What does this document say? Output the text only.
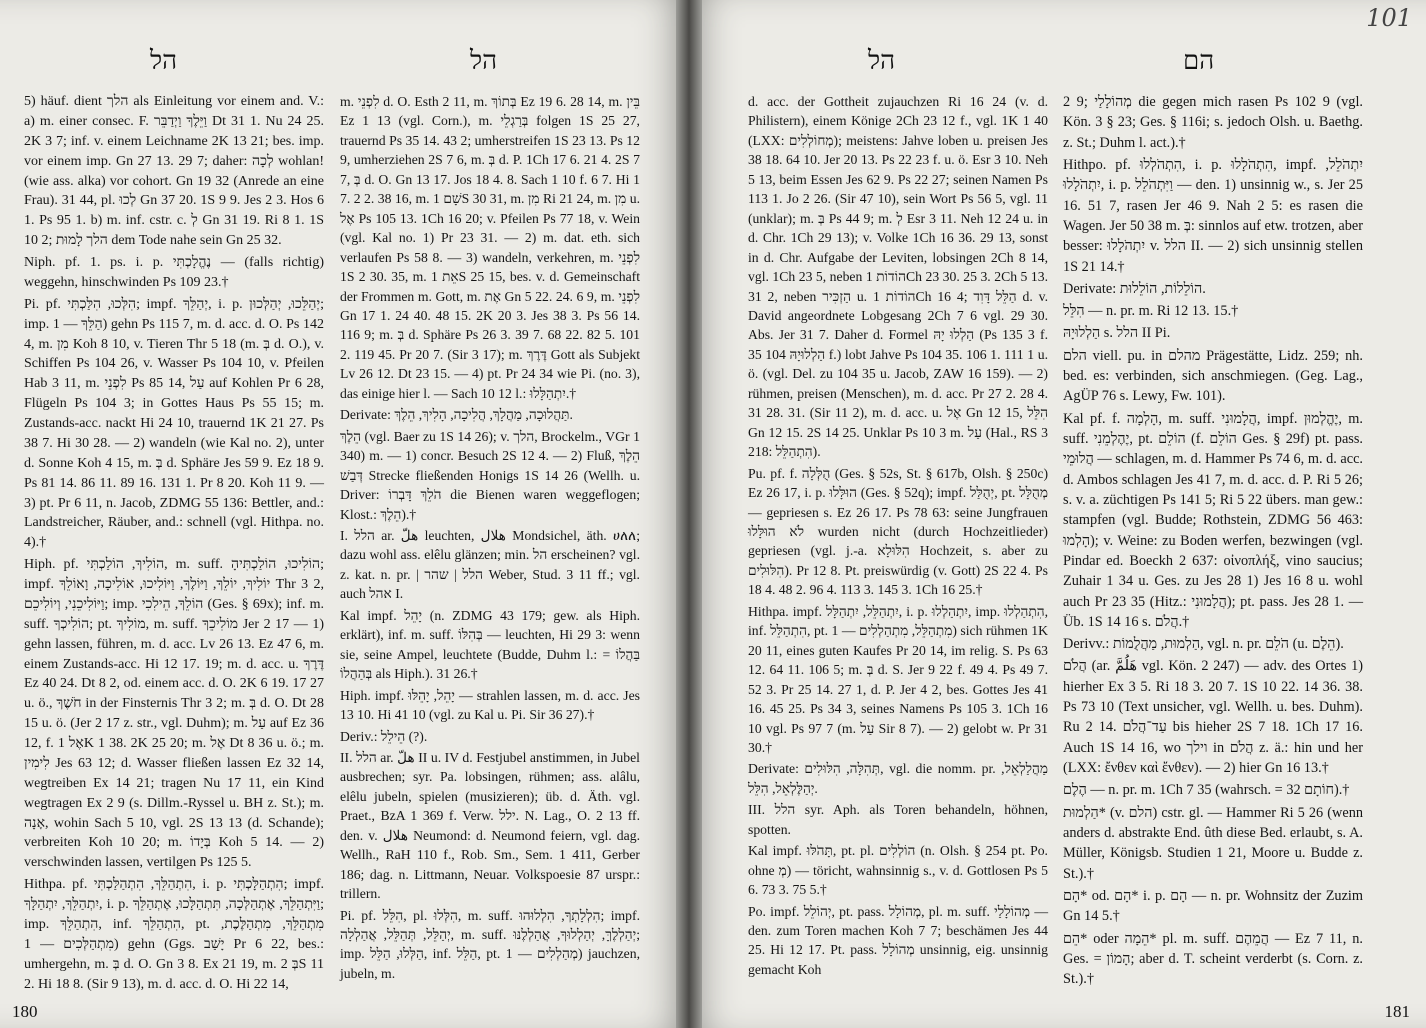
הל	הל

5) häuf. dient הלך als Einleitung vor einem and. V.: a) m. einer consec. F. וַיֵּלֶךְ וַיְדַבֵּר Dt 31 1. Nu 24 25. 2K 3 7; inf. v. einem Leichname 2K 13 21; bes. imp. vor einem imp. Gn 27 13. 29 7; daher: לְכָה wohlan! (wie ass. alka) vor cohort. Gn 19 32 (Anrede an eine Frau). 31 44, pl. לְכוּ Gn 37 20. 1S 9 9. Jes 2 3. Hos 6 1. Ps 95 1. b) m. inf. cstr. c. לְ Gn 31 19. Ri 8 1. 1S 10 2; הלך לָמוּת dem Tode nahe sein Gn 25 32.

Niph. pf. 1. ps. i. p. נֶהֱלָכְתִּי — (falls richtig) weggehn, hinschwinden Ps 109 23.†

Pi. pf. הִלְּכוּ, הִלַּכְתִּי; impf. יְהַלֵּךְ, i. p. יְהַלֵּכוּ, יְהַלְּכוּן; imp. הַלֵּךְ — 1) gehn Ps 115 7, m. d. acc. d. O. Ps 142 4, m. מִן Koh 8 10, v. Tieren Thr 5 18 (m. בְּ d. O.), v. Schiffen Ps 104 26, v. Wasser Ps 104 10, v. Pfeilen Hab 3 11, m. לִפְנֵי Ps 85 14, עַל auf Kohlen Pr 6 28, Flügeln Ps 104 3; in Gottes Haus Ps 55 15; m. Zustands-acc. nackt Hi 24 10, trauernd 1K 21 27. Ps 38 7. Hi 30 28. — 2) wandeln (wie Kal no. 2), unter d. Sonne Koh 4 15, m. בְּ d. Sphäre Jes 59 9. Ez 18 9. Ps 81 14. 86 11. 89 16. 131 1. Pr 8 20. Koh 11 9. — 3) pt. Pr 6 11, n. Jacob, ZDMG 55 136: Bettler, and.: Landstreicher, Räuber, and.: schnell (vgl. Hithpa. no. 4).†

Hiph. pf. הוֹלִיךְ, הוֹלַכְתִּי, m. suff. הוֹלִיכוּ, הוֹלַכְתִּיהָ; impf. יוֹלִיךְ, יוֹלֵךְ, וַיּוֹלֶךְ, וַיּוֹלִיכוּ, אוֹלִיכָה, וָאוֹלֵךְ Thr 3 2, וַיּוֹלִיכֵנִי, וְיוֹלִיכֵם; imp. הוֹלֵךְ, הֵילִכִי (Ges. § 69x); inf. m. suff. הוֹלִיכְךָ; pt. מוֹלִיךְ, m. suff. מוֹלִיכֵךְ Jer 2 17 — 1) gehn lassen, führen, m. d. acc. Lv 26 13. Ez 47 6, m. einem Zustands-acc. Hi 12 17. 19; m. d. acc. u. דֶּרֶךְ Ez 40 24. Dt 8 2, od. einem acc. d. O. 2K 6 19. 17 27 u. ö., חֹשֶׁךְ in der Finsternis Thr 3 2; m. בְּ d. O. Dt 28 15 u. ö. (Jer 2 17 z. str., vgl. Duhm); m. עַל auf Ez 36 12, f. אֶל 1K 1 38. 2K 25 20; m. אֶל Dt 8 36 u. ö.; m. לִימִין Jes 63 12; d. Wasser fließen lassen Ez 32 14, wegtreiben Ex 14 21; tragen Nu 17 11, ein Kind wegtragen Ex 2 9 (s. Dillm.-Ryssel u. BH z. St.); m. אָנָה, wohin Sach 5 10, vgl. 2S 13 13 (d. Schande); verbreiten Koh 10 20; m. בְּיָדוֹ Koh 5 14. — 2) verschwinden lassen, vertilgen Ps 125 5.

Hithpa. pf. הִתְהַלֵּךְ, הִתְהַלַּכְתִּי, i. p. הִתְהַלָּכְתִּי; impf. יִתְהַלֵּךְ, יִתְהַלָּךְ, i. p. וַיִּתְהַלֵּךְ, אֶתְהַלְּכָה, תִּתְהַלָּכוּ, אֶתְהַלֵּךְ; imp. הִתְהַלֵּךְ, inf. הִתְהַלֵּךְ, pt. מִתְהַלֵּךְ, מִתְהַלֶּכֶת, מִתְהַלְּכִים — 1) gehn (Ggs. יָשַׁב Pr 6 22, bes.: umhergehn, m. בְּ d. O. Gn 3 8. Ex 21 19, m. בְּ 2S 11 2. Hi 18 8. (Sir 9 13), m. d. acc. d. O. Hi 22 14,

m. לִפְנֵי d. O. Esth 2 11, m. בְּתוֹךְ Ez 19 6. 28 14, m. בֵּין Ez 1 13 (vgl. Corn.), m. בְּרַגְלֵי folgen 1S 25 27, trauernd Ps 35 14. 43 2; umherstreifen 1S 23 13. Ps 12 9, umherziehen 2S 7 6, m. בְּ d. P. 1Ch 17 6. 21 4. 2S 7 7, בְּ d. O. Gn 13 17. Jos 18 4. 8. Sach 1 10 f. 6 7. Hi 1 7. 2 2. 38 16, m. שָׁם 1S 30 31, m. מִן Ri 21 24, m. מִן u. אֶל Ps 105 13. 1Ch 16 20; v. Pfeilen Ps 77 18, v. Wein (vgl. Kal no. 1) Pr 23 31. — 2) m. dat. eth. sich verlaufen Ps 58 8. — 3) wandeln, verkehren, m. לִפְנֵי 1S 2 30. 35, m. אֵת 1S 25 15, bes. v. d. Gemeinschaft der Frommen m. Gott, m. אֶת Gn 5 22. 24. 6 9, m. לִפְנֵי Gn 17 1. 24 40. 48 15. 2K 20 3. Jes 38 3. Ps 56 14. 116 9; m. בְּ d. Sphäre Ps 26 3. 39 7. 68 22. 82 5. 101 2. 119 45. Pr 20 7. (Sir 3 17); m. דֶּרֶךְ Gott als Subjekt Lv 26 12. Dt 23 15. — 4) pt. Pr 24 34 wie Pi. (no. 3), das einige hier l. — Sach 10 12 l.: יִתְהַלָּלוּ.†

Derivate: תַּהֲלוּכָה, מַהֲלָךְ, הֲלִיכָה, הָלִיךְ, הֵלֶךְ.

הֵלֶךְ (vgl. Baer zu 1S 14 26); v. הלך, Brockelm., VGr 1 340) m. — 1) concr. Besuch 2S 12 4. — 2) Fluß, הֵלֶךְ דְּבַשׁ Strecke fließenden Honigs 1S 14 26 (Wellh. u. Driver: הֹלֵךְ דָּבְרוֹ die Bienen waren weggeflogen; Klost.: הֵלֶךְ).†

I. הלל ar. هلّ leuchten, هلال Mondsichel, äth. ሀለለ; dazu wohl ass. elêlu glänzen; min. הל erscheinen? vgl. z. kat. n. pr. | הלל | שהר Weber, Stud. 3 11 ff.; vgl. auch אהל I.

Kal impf. יָהֵל (n. ZDMG 43 179; gew. als Hiph. erklärt), inf. m. suff. בְּהִלּוֹ — leuchten, Hi 29 3: wenn sie, seine Ampel, leuchtete (Budde, Duhm l.: בַּהֲלוֹ = בְּהַהֲלוֹ als Hiph.). 31 26.†

Hiph. impf. יָהֵל, יָהֵלּוּ — strahlen lassen, m. d. acc. Jes 13 10. Hi 41 10 (vgl. zu Kal u. Pi. Sir 36 27).†

Deriv.: הֵילֵל (?).

II. הלל ar. هلّ II u. IV d. Festjubel anstimmen, in Jubel ausbrechen; syr. Pa. lobsingen, rühmen; ass. alâlu, elêlu jubeln, spielen (musizieren); üb. d. Äth. vgl. Praet., BzA 1 369 f. Verw. ילל. N. Lag., O. 2 13 ff. den. v. هلال Neumond: d. Neumond feiern, vgl. dag. Wellh., RaH 110 f., Rob. Sm., Sem. 1 411, Gerber 186; dag. n. Littmann, Neuar. Volkspoesie 87 urspr.: trillern.

Pi. pf. הִלֵּל, pl. הִלְּלוּ, m. suff. הִלְלָתְךָ, הִלְלוּהוּ; impf. יְהַלֵּל, תְּהַלֵּל, אֲהַלְלָה, m. suff. יְהַלְלֶךָּ, יְהַלְלוּךָ, אֲהַלְלֶנּוּ; imp. הַלְּלוּ, הַלֵּל, inf. הַלֵּל, pt. מְהַלְלִים — 1) jauchzen, jubeln, m.

180
101
הל	הם

d. acc. der Gottheit zujauchzen Ri 16 24 (v. d. Philistern), einem Könige 2Ch 23 12 f., vgl. 1K 1 40 (LXX: מְחוֹלְלִים); meistens: Jahve loben u. preisen Jes 38 18. 64 10. Jer 20 13. Ps 22 23 f. u. ö. Esr 3 10. Neh 5 13, beim Essen Jes 62 9. Ps 22 27; seinen Namen Ps 113 1. Jo 2 26. (Sir 47 10), sein Wort Ps 56 5, vgl. 11 (unklar); m. בְּ Ps 44 9; m. לְ Esr 3 11. Neh 12 24 u. in d. Chr. 1Ch 29 13); v. Volke 1Ch 16 36. 29 13, sonst in d. Chr. Aufgabe der Leviten, lobsingen 2Ch 8 14, vgl. 1Ch 23 5, neben הוֹדוֹת 1Ch 23 30. 25 3. 2Ch 5 13. 31 2, neben הַזְכִּיר u. הוֹדוֹת 1Ch 16 4; הַלֵּל דָּוִד d. v. David angeordnete Lobgesang 2Ch 7 6 vgl. 29 30. Abs. Jer 31 7. Daher d. Formel הַלְלוּ יָהּ (Ps 135 3 f. הַלְלוּיָהּ 104 35 f.) lobt Jahve Ps 104 35. 106 1. 111 1 u. ö. (vgl. Del. zu 104 35 u. Jacob, ZAW 16 159). — 2) rühmen, preisen (Menschen), m. d. acc. Pr 27 2. 28 4. 31 28. 31. (Sir 11 2), m. d. acc. u. אֶל Gn 12 15, הִלֵּל Gn 12 15. 2S 14 25. Unklar Ps 10 3 m. עַל (Hal., RS 3 218: הִתְהַלֵּל).

Pu. pf. f. הֻלְּלָה (Ges. § 52s, St. § 617b, Olsh. § 250c) Ez 26 17, i. p. הוּלָּלוּ (Ges. § 52q); impf. יְהֻלַּל, pt. מְהֻלָּל — gepriesen s. Ez 26 17. Ps 78 63: seine Jungfrauen לֹא הוּלָּלוּ wurden nicht (durch Hochzeitlieder) gepriesen (vgl. j.-a. הִלּוּלָא Hochzeit, s. aber zu הִלּוּלִים). Pr 12 8. Pt. preiswürdig (v. Gott) 2S 22 4. Ps 18 4. 48 2. 96 4. 113 3. 145 3. 1Ch 16 25.†

Hithpa. impf. יִתְהַלֵּל, יִתְהַלָּל, i. p. יִתְהַלְלוּ, imp. הִתְהַלְלוּ, inf. הִתְהַלֵּל, pt. מִתְהַלֵּל, מִתְהַלְלִים — 1) sich rühmen 1K 20 11, eines guten Kaufes Pr 20 14, im relig. S. Ps 63 12. 64 11. 106 5; m. בְּ d. S. Jer 9 22 f. 49 4. Ps 49 7. 52 3. Pr 25 14. 27 1, d. P. Jer 4 2, bes. Gottes Jes 41 16. 45 25. Ps 34 3, seines Namens Ps 105 3. 1Ch 16 10 vgl. Ps 97 7 (m. עַל Sir 8 7). — 2) gelobt w. Pr 31 30.†

Derivate: תְּהִלָּה, הִלּוּלִים, vgl. die nomm. pr. מַהֲלַלְאֵל, יְהַלֶּלְאֵל, הִלֵּל.

III. הלל syr. Aph. als Toren behandeln, höhnen, spotten.

Kal impf. תָּהֹלּוּ, pt. pl. הוֹלְלִים (n. Olsh. § 254 pt. Po. ohne מְ) — töricht, wahnsinnig s., v. d. Gottlosen Ps 5 6. 73 3. 75 5.†

Po. impf. יְהוֹלֵל, pt. pass. מְהוֹלָל, pl. m. suff. מְהוֹלָלַי — den. zum Toren machen Koh 7 7; beschämen Jes 44 25. Hi 12 17. Pt. pass. מְהוֹלָל unsinnig, eig. unsinnig gemacht Koh

2 9; מְהוֹלָלַי die gegen mich rasen Ps 102 9 (vgl. Kön. 3 § 23; Ges. § 116i; s. jedoch Olsh. u. Baethg. z. St.; Duhm l. act.).†

Hithpo. pf. הִתְהֹלְלוּ, i. p. הִתְהֹלָלוּ, impf. יִתְהֹלֵל, יִתְהֹלָלוּ, i. p. וַיִּתְהֹלֵל — den. 1) unsinnig w., s. Jer 25 16. 51 7, rasen Jer 46 9. Nah 2 5: es rasen die Wagen. Jer 50 38 m. בְּ: sinnlos auf etw. trotzen, aber besser: יִתְהֹלָלוּ v. הלל II. — 2) sich unsinnig stellen 1S 21 14.†

Derivate: הוֹלֵלוֹת, הוֹלֵלוּת.

הִלֵּל — n. pr. m. Ri 12 13. 15.†

הַלְלוּיָהּ s. הלל II Pi.

הלם viell. pu. in מהלם Prägestätte, Lidz. 259; nh. bed. es: verbinden, sich anschmiegen. (Geg. Lag., AgÜP 76 s. Lewy, Fw. 101).

Kal pf. f. הָלְמָה, m. suff. הֲלָמוּנִי, impf. יֶהֱלְמוּן, m. suff. יֶהֶלְמֵנִי, pt. הוֹלֵם (f. הוֹלֵם Ges. § 29f) pt. pass. הֲלוּמֵי — schlagen, m. d. Hammer Ps 74 6, m. d. acc. d. Ambos schlagen Jes 41 7, m. d. acc. d. P. Ri 5 26; s. v. a. züchtigen Ps 141 5; Ri 5 22 übers. man gew.: stampfen (vgl. Budde; Rothstein, ZDMG 56 463: הָלְמוּ); v. Weine: zu Boden werfen, bezwingen (vgl. Pindar ed. Boeckh 2 637: οἰνοπλήξ, vino saucius; Zuhair 1 34 u. Ges. zu Jes 28 1) Jes 16 8 u. wohl auch Pr 23 35 (Hitz.: הֲלָמוּנִי); pt. pass. Jes 28 1. — Üb. 1S 14 16 s. הֲלֹם.†

Derivv.: הַלְמוּת, מַהֲלֻמוֹת, vgl. n. pr. הֹלֵם (u. הֵלֶם).

הֲלֹם (ar. هَلُمَّ vgl. Kön. 2 247) — adv. des Ortes 1) hierher Ex 3 5. Ri 18 3. 20 7. 1S 10 22. 14 36. 38. Ps 73 10 (Text unsicher, vgl. Wellh. u. bes. Duhm). Ru 2 14. עַד־הֲלֹם bis hieher 2S 7 18. 1Ch 17 16. Auch 1S 14 16, wo וילך in הֲלֹם z. ä.: hin und her (LXX: ἔνθεν καὶ ἔνθεν). — 2) hier Gn 16 13.†

הֶלֶם — n. pr. m. 1Ch 7 35 (wahrsch. = חוֹתָם 32).†

הַלְמוּת* (v. הלם) cstr. gl. — Hammer Ri 5 26 (wenn anders d. abstrakte End. ûth diese Bed. erlaubt, s. A. Müller, Königsb. Studien 1 21, Moore u. Budde z. St.).†

הָם* od. הָם* i. p. הָם — n. pr. Wohnsitz der Zuzim Gn 14 5.†

הֵם* oder הֵמָה* pl. m. suff. הֲמֵהֶם — Ez 7 11, n. Ges. = הָמוֹן; aber d. T. scheint verderbt (s. Corn. z. St.).†

181
